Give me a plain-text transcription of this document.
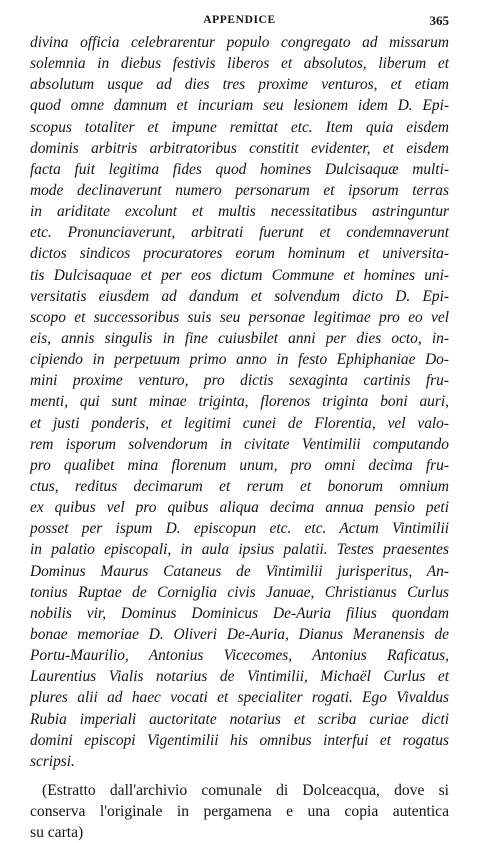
APPENDICE	365
divina officia celebrarentur populo congregato ad missarum
solemnia in diebus festivis liberos et absolutos, liberum et
absolutum usque ad dies tres proxime venturos, et etiam
quod omne damnum et incuriam seu lesionem idem D. Epi-
scopus totaliter et impune remittat etc. Item quia eisdem
dominis arbitris arbitratoribus constitit evidenter, et eisdem
facta fuit legitima fides quod homines Dulcisaquæ multi-
mode declinaverunt numero personarum et ipsorum terras
in ariditate excolunt et multis necessitatibus astringuntur
etc. Pronunciaverunt, arbitrati fuerunt et condemnaverunt
dictos sindicos procuratores eorum hominum et universita-
tis Dulcisaquae et per eos dictum Commune et homines uni-
versitatis eiusdem ad dandum et solvendum dicto D. Epi-
scopo et successoribus suis seu personae legitimae pro eo vel
eis, annis singulis in fine cuiusbilet anni per dies octo, in-
cipiendo in perpetuum primo anno in festo Ephiphaniae Do-
mini proxime venturo, pro dictis sexaginta cartinis fru-
menti, qui sunt minae triginta, florenos triginta boni auri,
et justi ponderis, et legitimi cunei de Florentia, vel valo-
rem isporum solvendorum in civitate Ventimilii computando
pro qualibet mina florenum unum, pro omni decima fru-
ctus, reditus decimarum et rerum et bonorum omnium
ex quibus vel pro quibus aliqua decima annua pensio peti
posset per ispum D. episcopun etc. etc. Actum Vintimilii
in palatio episcopali, in aula ipsius palatii. Testes praesentes
Dominus Maurus Cataneus de Vintimilii jurisperitus, An-
tonius Ruptae de Corniglia civis Januae, Christianus Curlus
nobilis vir, Dominus Dominicus De-Auria filius quondam
bonae memoriae D. Oliveri De-Auria, Dianus Meranensis de
Portu-Maurilio, Antonius Vicecomes, Antonius Raficatus,
Laurentius Vialis notarius de Vintimilii, Michaël Curlus et
plures alii ad haec vocati et specialiter rogati. Ego Vivaldus
Rubia imperiali auctoritate notarius et scriba curiae dicti
domini episcopi Vigentimilii his omnibus interfui et rogatus
scripsi.
(Estratto dall'archivio comunale di Dolceacqua, dove si
conserva l'originale in pergamena e una copia autentica
su carta)
